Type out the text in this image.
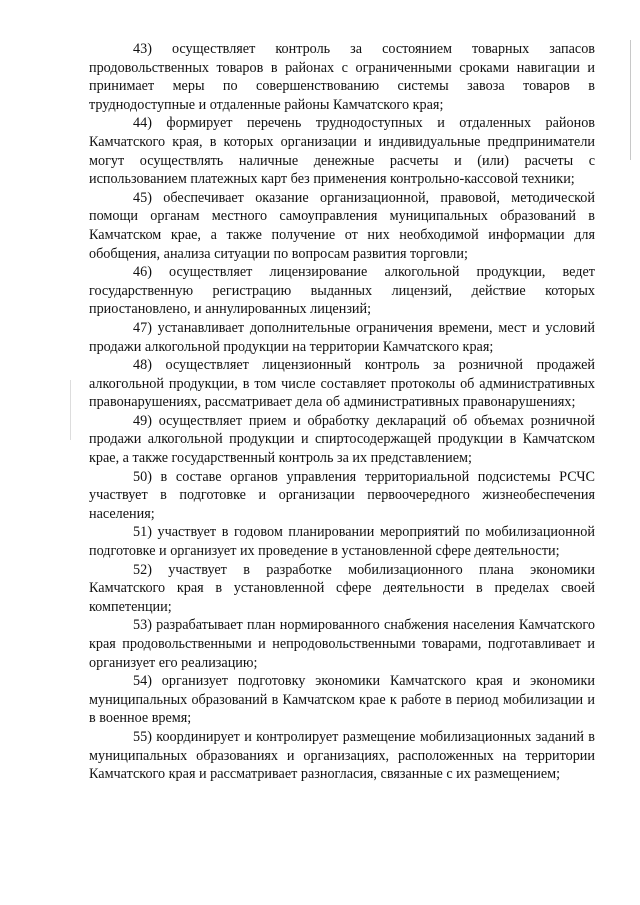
43) осуществляет контроль за состоянием товарных запасов продовольственных товаров в районах с ограниченными сроками навигации и принимает меры по совершенствованию системы завоза товаров в труднодоступные и отдаленные районы Камчатского края;

44) формирует перечень труднодоступных и отдаленных районов Камчатского края, в которых организации и индивидуальные предприниматели могут осуществлять наличные денежные расчеты и (или) расчеты с использованием платежных карт без применения контрольно-кассовой техники;

45) обеспечивает оказание организационной, правовой, методической помощи органам местного самоуправления муниципальных образований в Камчатском крае, а также получение от них необходимой информации для обобщения, анализа ситуации по вопросам развития торговли;

46) осуществляет лицензирование алкогольной продукции, ведет государственную регистрацию выданных лицензий, действие которых приостановлено, и аннулированных лицензий;

47) устанавливает дополнительные ограничения времени, мест и условий продажи алкогольной продукции на территории Камчатского края;

48) осуществляет лицензионный контроль за розничной продажей алкогольной продукции, в том числе составляет протоколы об административных правонарушениях, рассматривает дела об административных правонарушениях;

49) осуществляет прием и обработку деклараций об объемах розничной продажи алкогольной продукции и спиртосодержащей продукции в Камчатском крае, а также государственный контроль за их представлением;

50) в составе органов управления территориальной подсистемы РСЧС участвует в подготовке и организации первоочередного жизнеобеспечения населения;

51) участвует в годовом планировании мероприятий по мобилизационной подготовке и организует их проведение в установленной сфере деятельности;

52) участвует в разработке мобилизационного плана экономики Камчатского края в установленной сфере деятельности в пределах своей компетенции;

53) разрабатывает план нормированного снабжения населения Камчатского края продовольственными и непродовольственными товарами, подготавливает и организует его реализацию;

54) организует подготовку экономики Камчатского края и экономики муниципальных образований в Камчатском крае к работе в период мобилизации и в военное время;

55) координирует и контролирует размещение мобилизационных заданий в муниципальных образованиях и организациях, расположенных на территории Камчатского края и рассматривает разногласия, связанные с их размещением;
